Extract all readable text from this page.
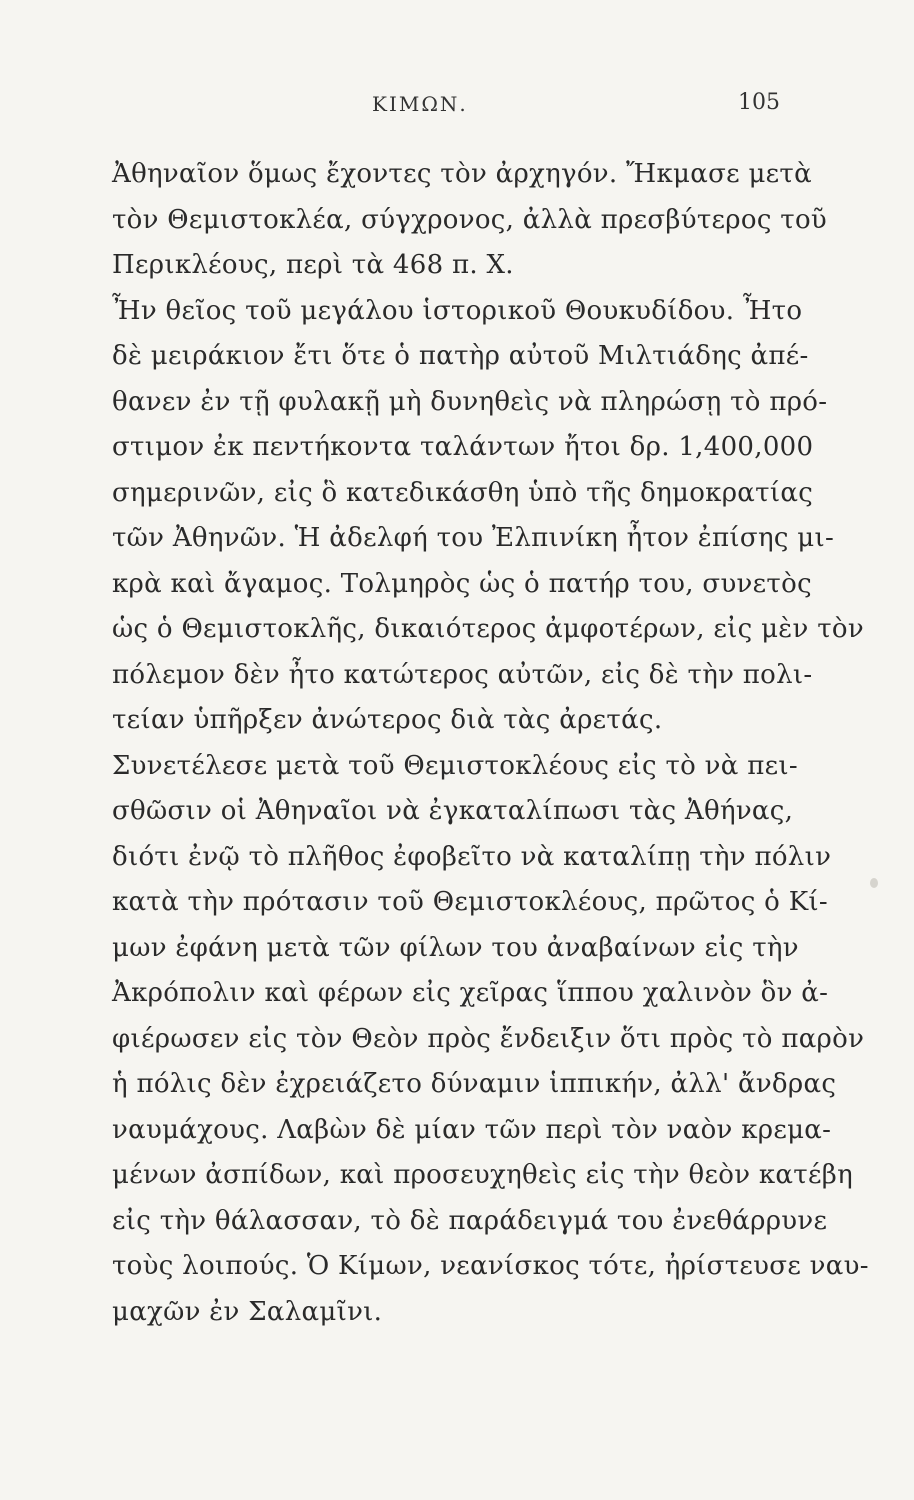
ΚΙΜΩΝ.	105
Ἀθηναῖον ὅμως ἔχοντες τὸν ἀρχηγόν. Ἤκμασε μετὰ
τὸν Θεμιστοκλέα, σύγχρονος, ἀλλὰ πρεσβύτερος τοῦ
Περικλέους, περὶ τὰ 468 π. Χ.
Ἦν θεῖος τοῦ μεγάλου ἱστορικοῦ Θουκυδίδου. Ἦτο
δὲ μειράκιον ἔτι ὅτε ὁ πατὴρ αὐτοῦ Μιλτιάδης ἀπέ-
θανεν ἐν τῇ φυλακῇ μὴ δυνηθεὶς νὰ πληρώσῃ τὸ πρό-
στιμον ἐκ πεντήκοντα ταλάντων ἤτοι δρ. 1,400,000
σημερινῶν, εἰς ὃ κατεδικάσθη ὑπὸ τῆς δημοκρατίας
τῶν Ἀθηνῶν. Ἡ ἀδελφή του Ἐλπινίκη ἦτον ἐπίσης μι-
κρὰ καὶ ἄγαμος. Τολμηρὸς ὡς ὁ πατήρ του, συνετὸς
ὡς ὁ Θεμιστοκλῆς, δικαιότερος ἀμφοτέρων, εἰς μὲν τὸν
πόλεμον δὲν ἦτο κατώτερος αὐτῶν, εἰς δὲ τὴν πολι-
τείαν ὑπῆρξεν ἀνώτερος διὰ τὰς ἀρετάς.
Συνετέλεσε μετὰ τοῦ Θεμιστοκλέους εἰς τὸ νὰ πει-
σθῶσιν οἱ Ἀθηναῖοι νὰ ἐγκαταλίπωσι τὰς Ἀθήνας,
διότι ἐνῷ τὸ πλῆθος ἐφοβεῖτο νὰ καταλίπῃ τὴν πόλιν
κατὰ τὴν πρότασιν τοῦ Θεμιστοκλέους, πρῶτος ὁ Κί-
μων ἐφάνη μετὰ τῶν φίλων του ἀναβαίνων εἰς τὴν
Ἀκρόπολιν καὶ φέρων εἰς χεῖρας ἵππου χαλινὸν ὃν ἀ-
φιέρωσεν εἰς τὸν Θεὸν πρὸς ἔνδειξιν ὅτι πρὸς τὸ παρὸν
ἡ πόλις δὲν ἐχρειάζετο δύναμιν ἱππικήν, ἀλλ' ἄνδρας
ναυμάχους. Λαβὼν δὲ μίαν τῶν περὶ τὸν ναὸν κρεμα-
μένων ἀσπίδων, καὶ προσευχηθεὶς εἰς τὴν θεὸν κατέβη
εἰς τὴν θάλασσαν, τὸ δὲ παράδειγμά του ἐνεθάρρυνε
τοὺς λοιπούς. Ὁ Κίμων, νεανίσκος τότε, ἠρίστευσε ναυ-
μαχῶν ἐν Σαλαμῖνι.
